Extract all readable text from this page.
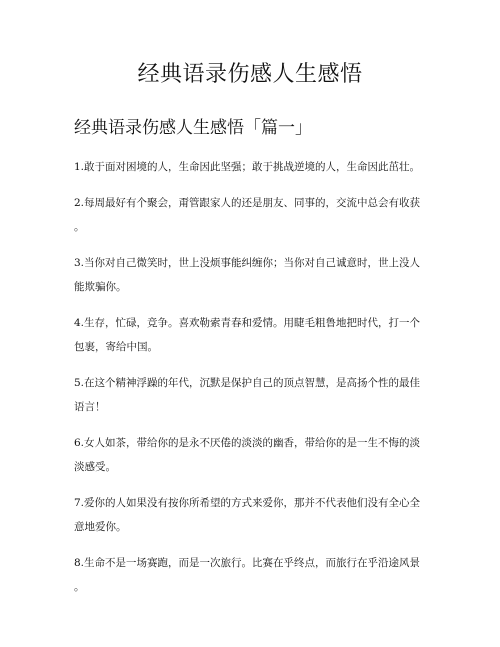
经典语录伤感人生感悟
经典语录伤感人生感悟「篇一」

1.敢于面对困境的人，生命因此坚强；敢于挑战逆境的人，生命因此茁壮。

2.每周最好有个聚会，甭管跟家人的还是朋友、同事的，交流中总会有收获
。

3.当你对自己微笑时，世上没烦事能纠缠你；当你对自己诚意时，世上没人
能欺骗你。

4.生存，忙碌，竞争。喜欢勒索青春和爱情。用睫毛粗鲁地把时代，打一个
包裹，寄给中国。

5.在这个精神浮躁的年代，沉默是保护自己的顶点智慧，是高扬个性的最佳
语言！

6.女人如茶，带给你的是永不厌倦的淡淡的幽香，带给你的是一生不悔的淡
淡感受。

7.爱你的人如果没有按你所希望的方式来爱你，那并不代表他们没有全心全
意地爱你。

8.生命不是一场赛跑，而是一次旅行。比赛在乎终点，而旅行在乎沿途风景
。
